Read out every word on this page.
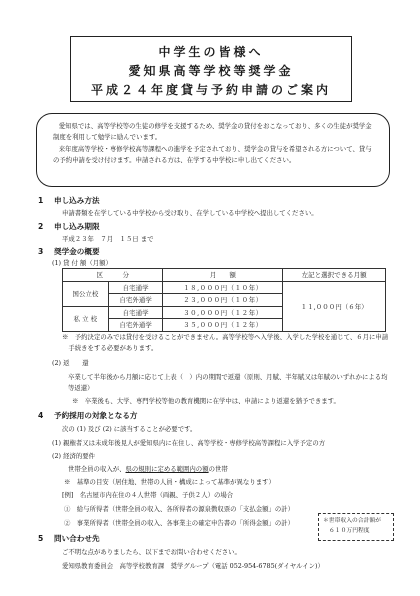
中学生の皆様へ
愛知県高等学校等奨学金
平成２４年度貸与予約申請のご案内

愛知県では、高等学校等の生徒の修学を支援するため、奨学金の貸付をおこなっており、多くの生徒が奨学金制度を利用して勉学に励んでいます。

来年度高等学校・専修学校高等課程への進学を予定されており、奨学金の貸与を希望される方について、貸与の予約申請を受け付けます。申請される方は、在学する中学校に申し出てください。

1 申し込み方法
申請書類を在学している中学校から受け取り、在学している中学校へ提出してください。
2 申し込み期限
平成２３年　７月　１５日 まで
3 奨学金の概要
(1) 貸 付 額（月額）
区　　　分		月　　額	左記と選択できる月額
国公立校	自宅通学	１８,０００円（１０年）	１１,０００円（６年）
	自宅外通学	２３,０００円（１０年）	
私 立 校	自宅通学	３０,０００円（１２年）	
	自宅外通学	３５,０００円（１２年）	
※　予約決定のみでは貸付を受けることができません。高等学校等へ入学後、入学した学校を通じて、６月に申請手続きをする必要があります。
(2) 返　　還
卒業して半年後から月額に応じて上表（　）内の期間で返還（原則、月賦、半年賦又は年賦のいずれかによる均等返還）
※　卒業後も、大学、専門学校等他の教育機関に在学中は、申請により返還を猶予できます。
4 予約採用の対象となる方
次の (1) 及び (2) に該当することが必要です。
(1) 親権者又は未成年後見人が愛知県内に在住し、高等学校・専修学校高等課程に入学予定の方
(2) 経済的要件
世帯全員の収入が、県の規則に定める範囲内の額の世帯
※　基準の目安（居住地、世帯の人員・構成によって基準が異なります）
[例]　名古屋市内在住の４人世帯（両親、子供２人）の場合
①　給与所得者（世帯全員の収入、各所得者の源泉徴収票の「支払金額」の計）
②　事業所得者（世帯全員の収入、各事業主の確定申告書の「所得金額」の計）	＊世帯収入の合計額が
６１０万円程度
5 問い合わせ先
ご不明な点がありましたら、以下までお問い合わせください。
愛知県教育委員会　高等学校教育課　奨学グループ（電話 052-954-6785(ダイヤルイン)）
